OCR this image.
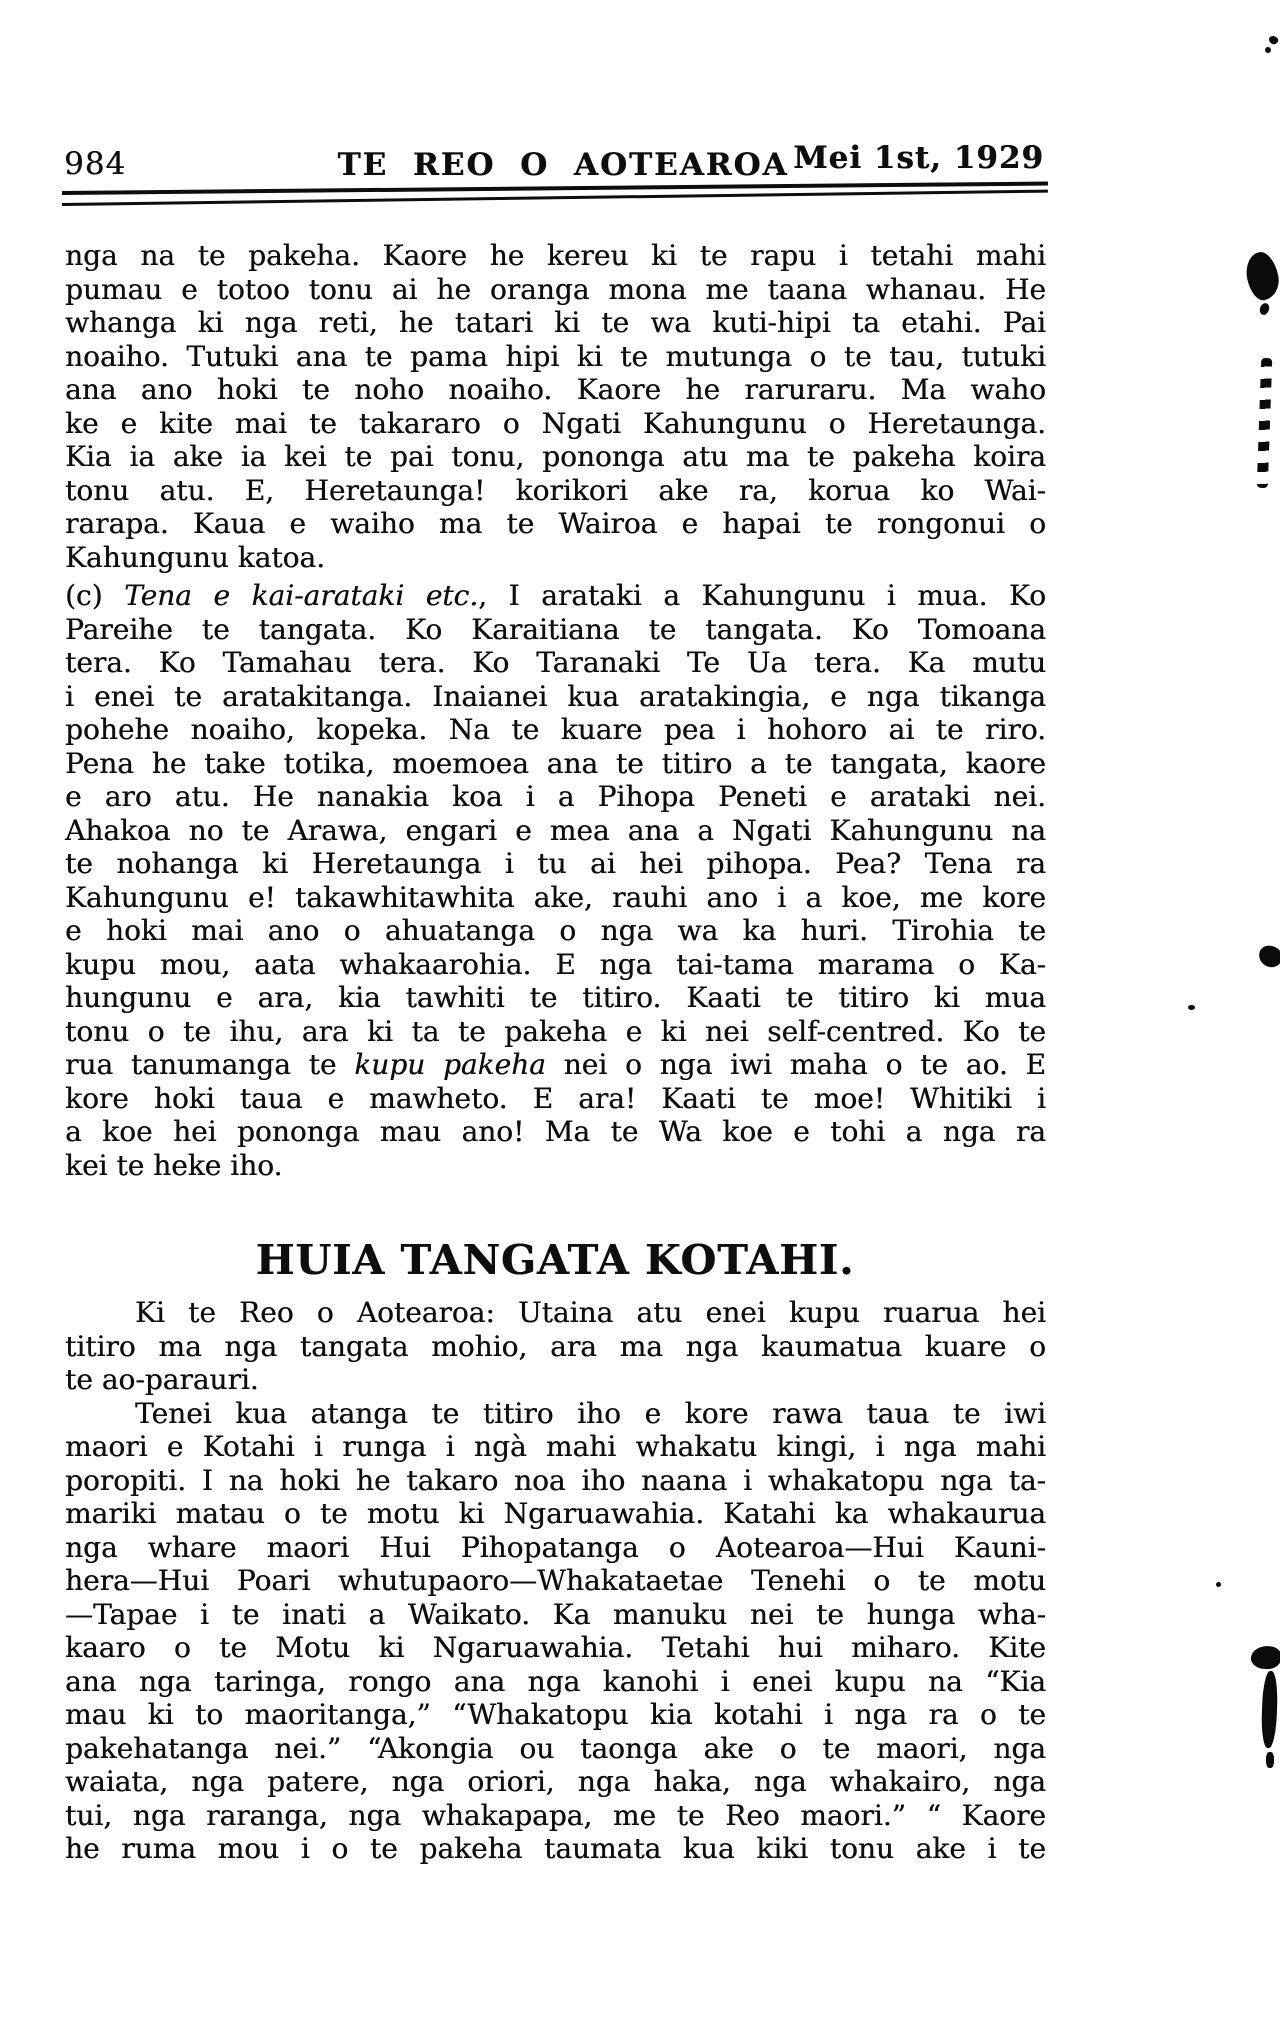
984	TE REO O AOTEAROA Mei 1st, 1929
nga na te pakeha. Kaore he kereu ki te rapu i tetahi mahi
pumau e totoo tonu ai he oranga mona me taana whanau. He
whanga ki nga reti, he tatari ki te wa kuti-hipi ta etahi. Pai
noaiho. Tutuki ana te pama hipi ki te mutunga o te tau, tutuki
ana ano hoki te noho noaiho. Kaore he raruraru. Ma waho
ke e kite mai te takararo o Ngati Kahungunu o Heretaunga.
Kia ia ake ia kei te pai tonu, pononga atu ma te pakeha koira
tonu atu. E, Heretaunga! korikori ake ra, korua ko Wai-
rarapa. Kaua e waiho ma te Wairoa e hapai te rongonui o
Kahungunu katoa.
(c) Tena e kai-arataki etc., I arataki a Kahungunu i mua. Ko
Pareihe te tangata. Ko Karaitiana te tangata. Ko Tomoana
tera. Ko Tamahau tera. Ko Taranaki Te Ua tera. Ka mutu
i enei te aratakitanga. Inaianei kua aratakingia, e nga tikanga
pohehe noaiho, kopeka. Na te kuare pea i hohoro ai te riro.
Pena he take totika, moemoea ana te titiro a te tangata, kaore
e aro atu. He nanakia koa i a Pihopa Peneti e arataki nei.
Ahakoa no te Arawa, engari e mea ana a Ngati Kahungunu na
te nohanga ki Heretaunga i tu ai hei pihopa. Pea? Tena ra
Kahungunu e! takawhitawhita ake, rauhi ano i a koe, me kore
e hoki mai ano o ahuatanga o nga wa ka huri. Tirohia te
kupu mou, aata whakaarohia. E nga tai-tama marama o Ka-
hungunu e ara, kia tawhiti te titiro. Kaati te titiro ki mua
tonu o te ihu, ara ki ta te pakeha e ki nei self-centred. Ko te
rua tanumanga te kupu pakeha nei o nga iwi maha o te ao. E
kore hoki taua e mawheto. E ara! Kaati te moe! Whitiki i
a koe hei pononga mau ano! Ma te Wa koe e tohi a nga ra
kei te heke iho.
HUIA TANGATA KOTAHI.
Ki te Reo o Aotearoa: Utaina atu enei kupu ruarua hei
titiro ma nga tangata mohio, ara ma nga kaumatua kuare o
te ao-parauri.
Tenei kua atanga te titiro iho e kore rawa taua te iwi
maori e Kotahi i runga i ngà mahi whakatu kingi, i nga mahi
poropiti. I na hoki he takaro noa iho naana i whakatopu nga ta-
mariki matau o te motu ki Ngaruawahia. Katahi ka whakaurua
nga whare maori Hui Pihopatanga o Aotearoa—Hui Kauni-
hera—Hui Poari whutupaoro—Whakataetae Tenehi o te motu
—Tapae i te inati a Waikato. Ka manuku nei te hunga wha-
kaaro o te Motu ki Ngaruawahia. Tetahi hui miharo. Kite
ana nga taringa, rongo ana nga kanohi i enei kupu na “Kia
mau ki to maoritanga,” “Whakatopu kia kotahi i nga ra o te
pakehatanga nei.” “Akongia ou taonga ake o te maori, nga
waiata, nga patere, nga oriori, nga haka, nga whakairo, nga
tui, nga raranga, nga whakapapa, me te Reo maori.” “ Kaore
he ruma mou i o te pakeha taumata kua kiki tonu ake i te
